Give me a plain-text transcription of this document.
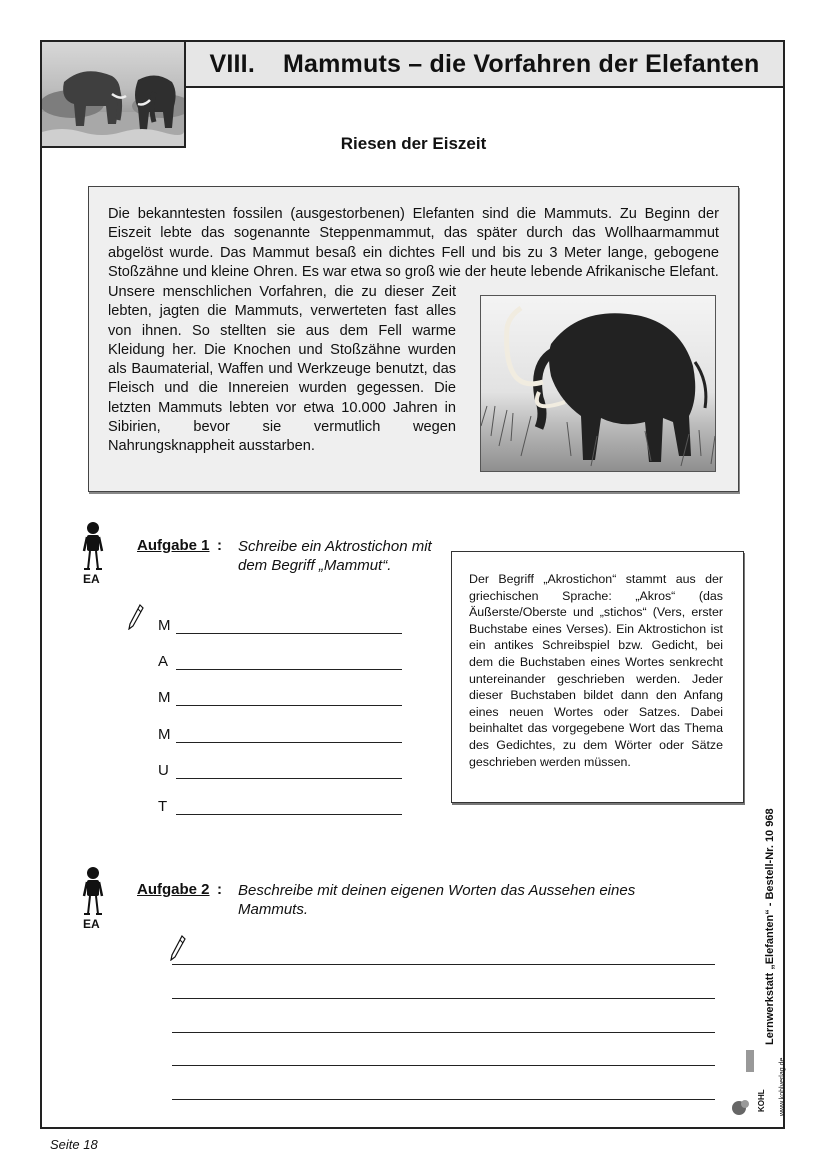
VIII. Mammuts – die Vorfahren der Elefanten
Riesen der Eiszeit

Die bekanntesten fossilen (ausgestorbenen) Elefanten sind die Mammuts. Zu Beginn der Eiszeit lebte das sogenannte Steppenmammut, das später durch das Wollhaarmammut abgelöst wurde. Das Mammut besaß ein dichtes Fell und bis zu 3 Meter lange, gebogene Stoßzähne und kleine Ohren. Es war etwa so groß wie der heute lebende Afrikanische Elefant.

Unsere menschlichen Vorfahren, die zu dieser Zeit lebten, jagten die Mammuts, verwerteten fast alles von ihnen. So stellten sie aus dem Fell warme Kleidung her. Die Knochen und Stoßzähne wurden als Baumaterial, Waffen und Werkzeuge benutzt, das Fleisch und die Innereien wurden gegessen. Die letzten Mammuts lebten vor etwa 10.000 Jahren in Sibirien, bevor sie vermutlich wegen Nahrungsknappheit ausstarben.

EA
Aufgabe 1 : Schreibe ein Aktrostichon mit dem Begriff „Mammut“.

M
A
M
M
U
T

Der Begriff „Akrostichon“ stammt aus der griechischen Sprache: „Akros“ (das Äußerste/Oberste und „stichos“ (Vers, erster Buchstabe eines Verses). Ein Aktrostichon ist ein antikes Schreibspiel bzw. Gedicht, bei dem die Buchstaben eines Wortes senkrecht untereinander geschrieben werden. Jeder dieser Buchstaben bildet dann den Anfang eines neuen Wortes oder Satzes. Dabei beinhaltet das vorgegebene Wort das Thema des Gedichtes, zu dem Wörter oder Sätze geschrieben werden müssen.

EA
Aufgabe 2 : Beschreibe mit deinen eigenen Worten das Aussehen eines Mammuts.	Lernwerkstatt „Elefanten“ - Bestell-Nr. 10 968
KOHL www.kohlverlag.de
Seite 18
